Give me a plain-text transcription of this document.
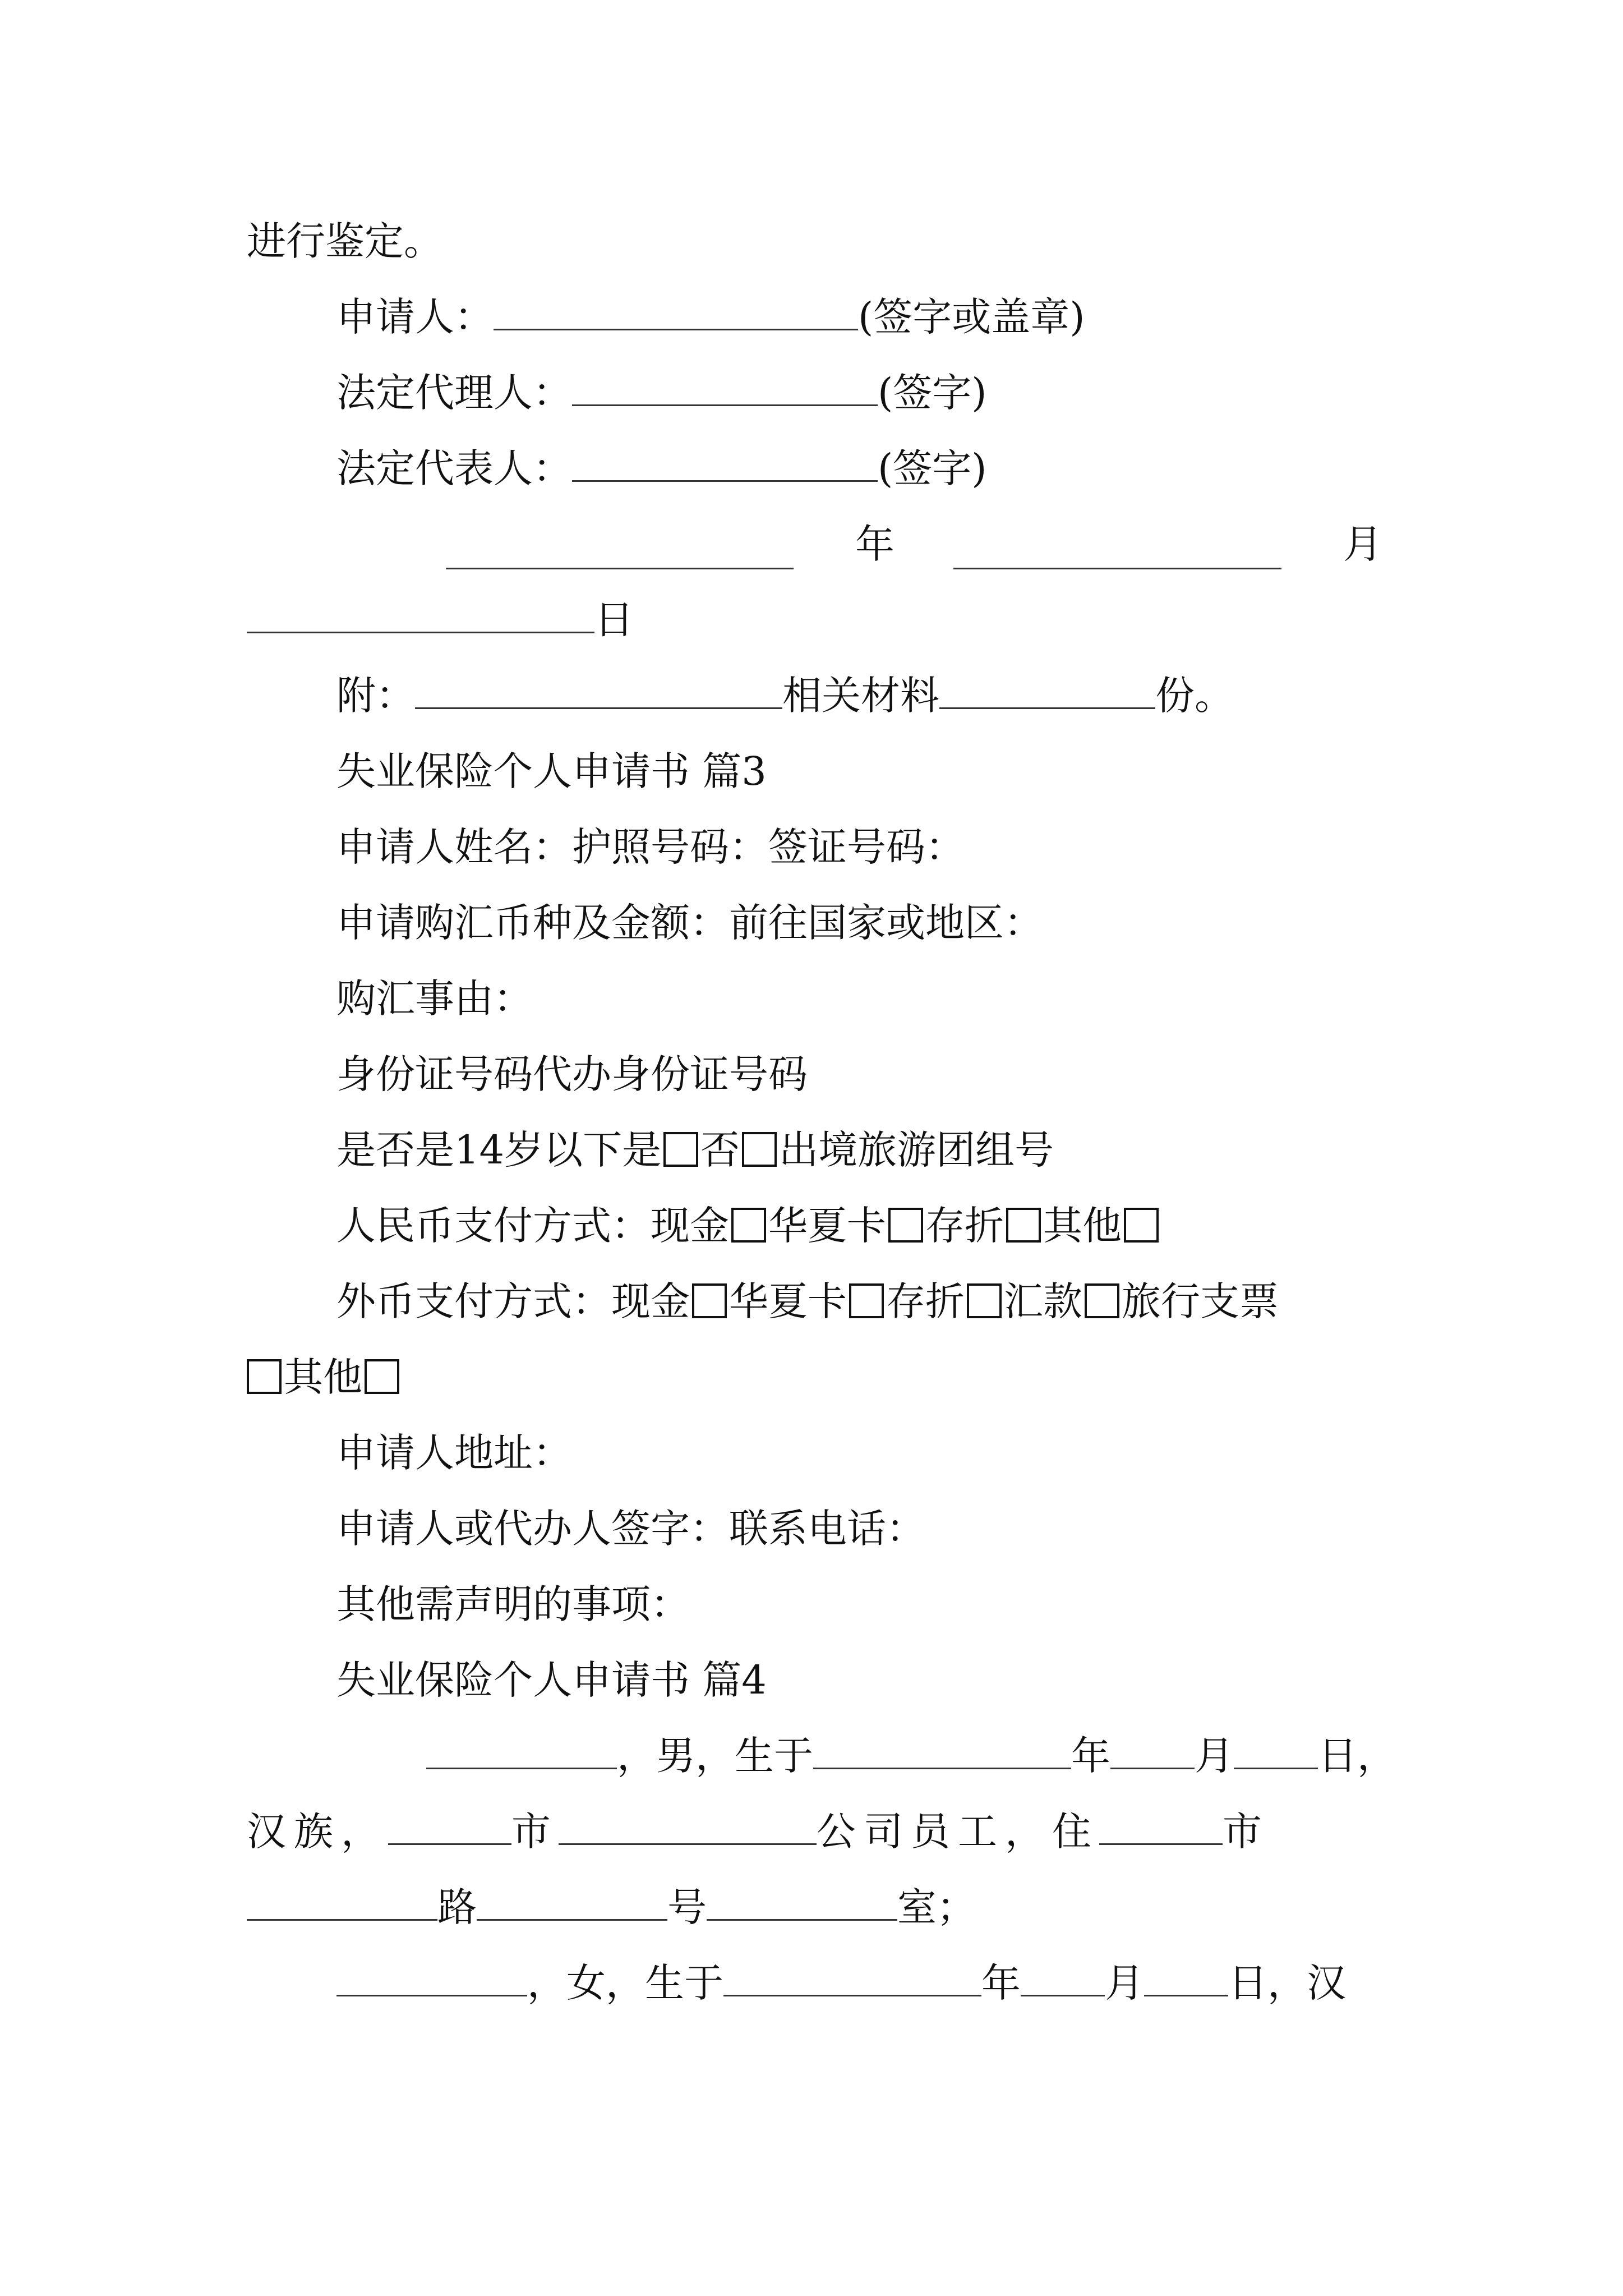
进行鉴定。
申请人：	(签字或盖章)
法定代理人：	(签字)
法定代表人：	(签字)
年	月
日
附：	相关材料	份。
失业保险个人申请书 篇3
申请人姓名：护照号码：签证号码：
申请购汇币种及金额：前往国家或地区：
购汇事由：
身份证号码代办身份证号码
是否是14岁以下是 否 出境旅游团组号
人民币支付方式：现金 华夏卡 存折 其他
外币支付方式：现金 华夏卡 存折 汇款 旅行支票
其他
申请人地址：
申请人或代办人签字：联系电话：
其他需声明的事项：
失业保险个人申请书 篇4
，男，生于	年 月 日，
汉族，	市	公司员工，住	市
路	号	室；
，女，生于	年 月 日，汉
